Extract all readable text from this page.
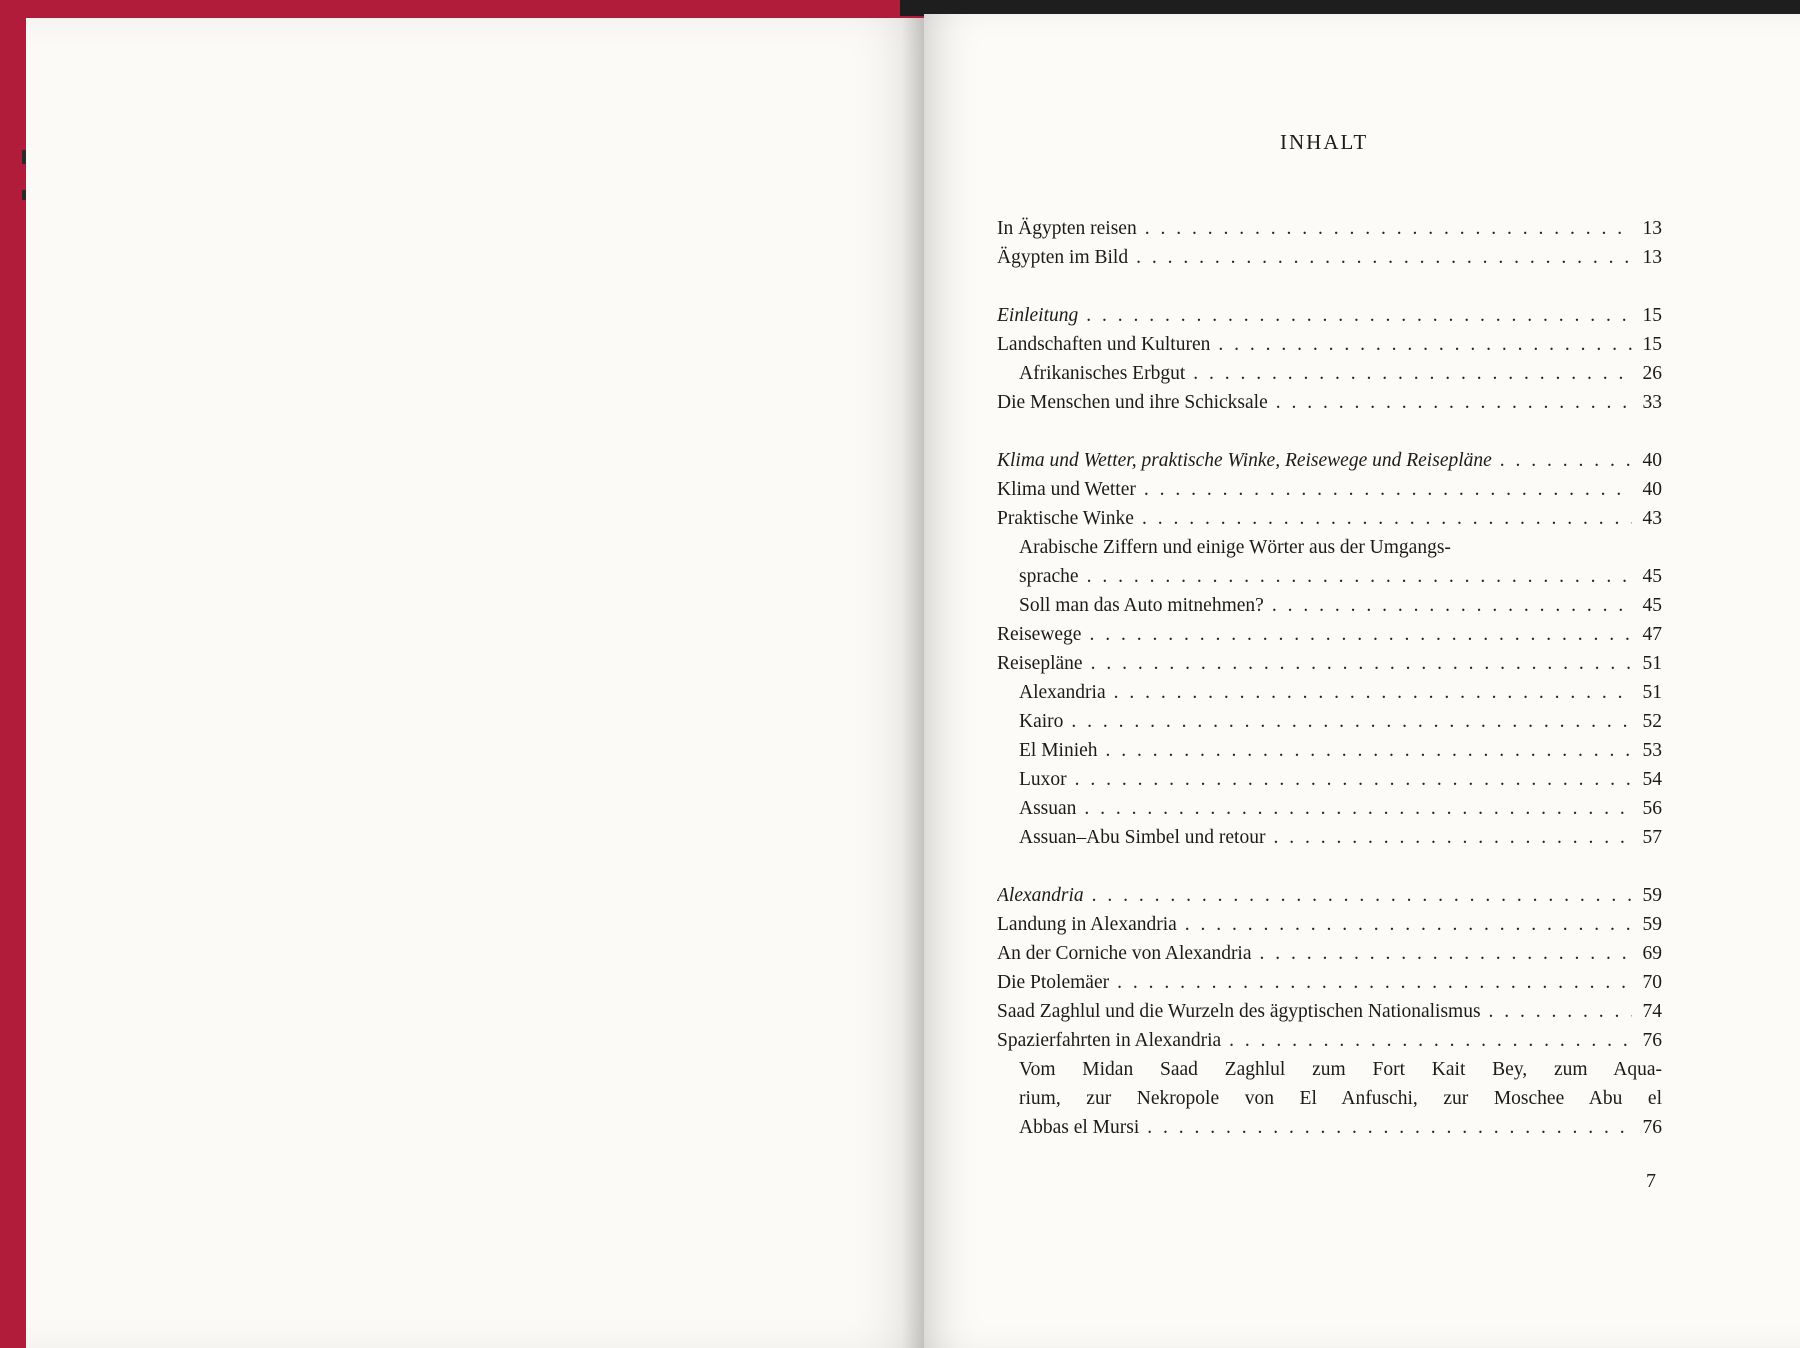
INHALT
In Ägypten reisen . . .	13
Ägypten im Bild . . .	13
Einleitung . . .	15
Landschaften und Kulturen . . .	15
Afrikanisches Erbgut . . .	26
Die Menschen und ihre Schicksale . . .	33
Klima und Wetter, praktische Winke, Reisewege und Reisepläne . . .	40
Klima und Wetter . . .	40
Praktische Winke . . .	43
Arabische Ziffern und einige Wörter aus der Umgangs-
sprache . . .	45
Soll man das Auto mitnehmen? . . .	45
Reisewege . . .	47
Reisepläne . . .	51
Alexandria . . .	51
Kairo . . .	52
El Minieh . . .	53
Luxor . . .	54
Assuan . . .	56
Assuan–Abu Simbel und retour . . .	57
Alexandria . . .	59
Landung in Alexandria . . .	59
An der Corniche von Alexandria . . .	69
Die Ptolemäer . . .	70
Saad Zaghlul und die Wurzeln des ägyptischen Nationalismus . . .	74
Spazierfahrten in Alexandria . . .	76
Vom Midan Saad Zaghlul zum Fort Kait Bey, zum Aqua-
rium, zur Nekropole von El Anfuschi, zur Moschee Abu el
Abbas el Mursi . . .	76
7
